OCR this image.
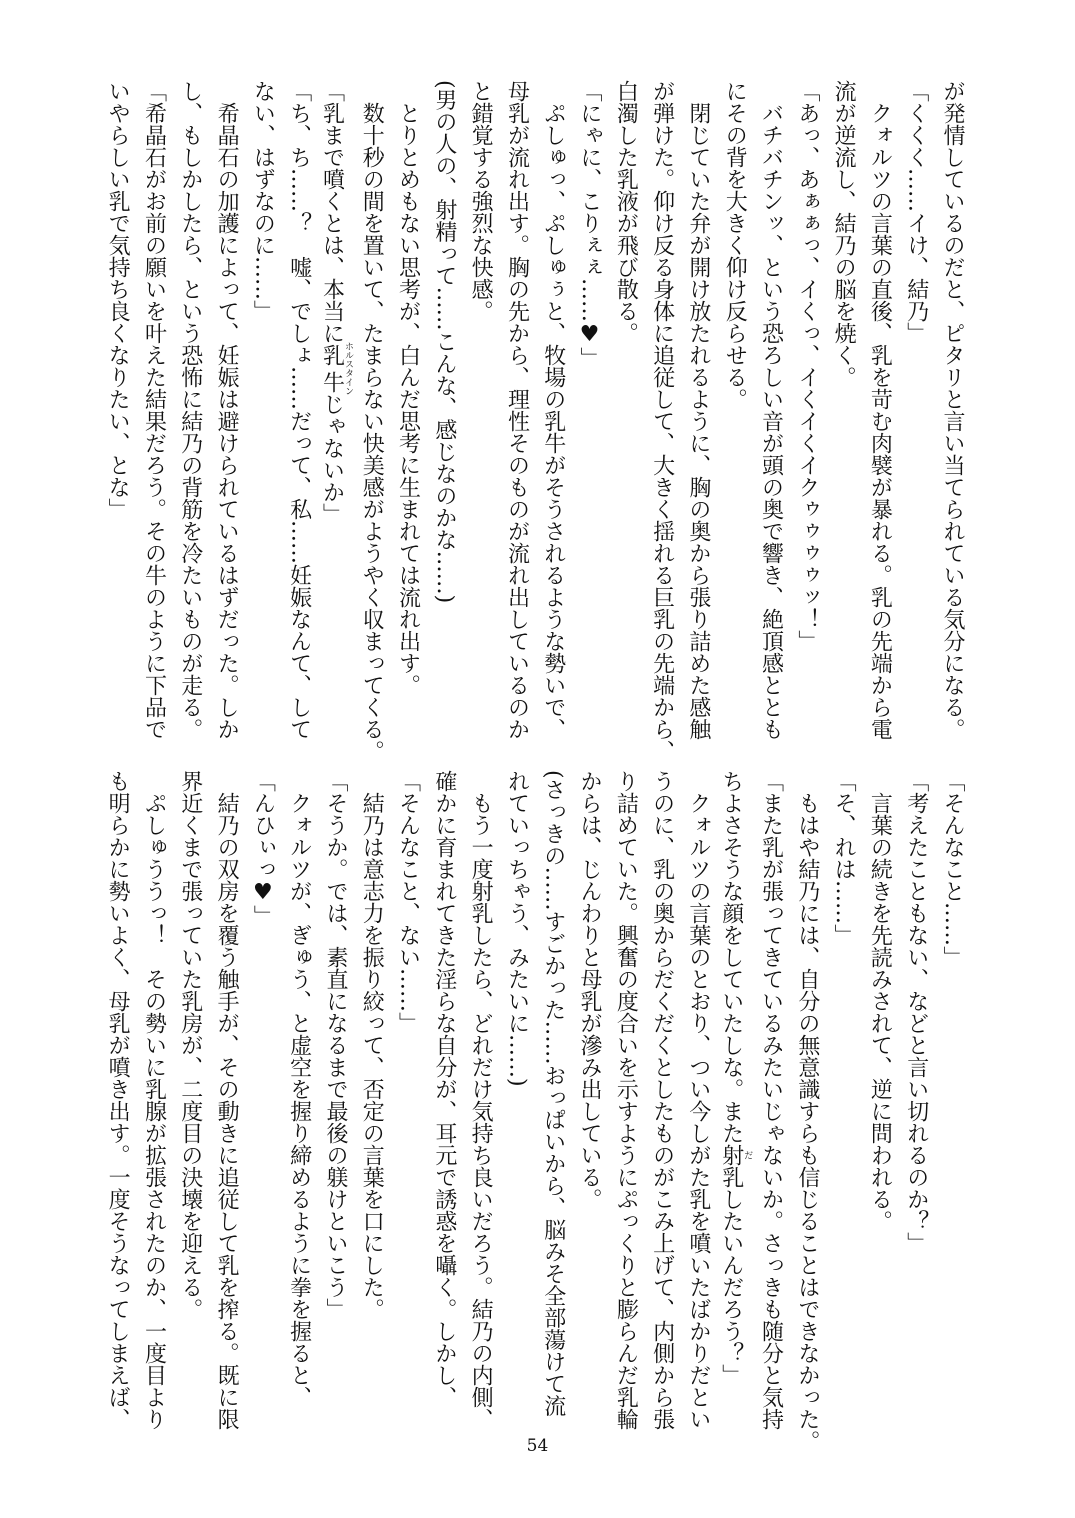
が発情しているのだと、ピタリと言い当てられている気分になる。
「くくく……イけ、結乃」
　クォルツの言葉の直後、乳を苛む肉襞が暴れる。乳の先端から電
流が逆流し、結乃の脳を焼く。
「あっ、あぁぁっ、イくっ、イくイくイクゥゥゥゥッ！」
　バチバチンッ、という恐ろしい音が頭の奥で響き、絶頂感ととも
にその背を大きく仰け反らせる。
　閉じていた弁が開け放たれるように、胸の奥から張り詰めた感触
が弾けた。仰け反る身体に追従して、大きく揺れる巨乳の先端から、
白濁した乳液が飛び散る。
「にゃに、こりぇぇ……♥」
　ぷしゅっ、ぷしゅぅと、牧場の乳牛がそうされるような勢いで、
母乳が流れ出す。胸の先から、理性そのものが流れ出しているのか
と錯覚する強烈な快感。
(男の人の、射精って……こんな、感じなのかな……)
　とりとめもない思考が、白んだ思考に生まれては流れ出す。
　数十秒の間を置いて、たまらない快美感がようやく収まってくる。
「乳まで噴くとは、本当に乳牛ホルスタインじゃないか」
「ち、ち……？　嘘、でしょ……だって、私……妊娠なんて、して
ない、はずなのに……」
　希晶石の加護によって、妊娠は避けられているはずだった。しか
し、もしかしたら、という恐怖に結乃の背筋を冷たいものが走る。
「希晶石がお前の願いを叶えた結果だろう。その牛のように下品で
いやらしい乳で気持ち良くなりたい、とな」
「そんなこと……」
「考えたこともない、などと言い切れるのか？」
　言葉の続きを先読みされて、逆に問われる。
「そ、れは……」
　もはや結乃には、自分の無意識すらも信じることはできなかった。
「また乳が張ってきているみたいじゃないか。さっきも随分と気持
ちよさそうな顔をしていたしな。また射だ乳したいんだろう？」
　クォルツの言葉のとおり、つい今しがた乳を噴いたばかりだとい
うのに、乳の奥からだくだくとしたものがこみ上げて、内側から張
り詰めていた。興奮の度合いを示すようにぷっくりと膨らんだ乳輪
からは、じんわりと母乳が滲み出している。
(さっきの……すごかった……おっぱいから、脳みそ全部蕩けて流
れていっちゃう、みたいに……)
　もう一度射乳したら、どれだけ気持ち良いだろう。結乃の内側、
確かに育まれてきた淫らな自分が、耳元で誘惑を囁く。しかし、
「そんなこと、ない……」
　結乃は意志力を振り絞って、否定の言葉を口にした。
「そうか。では、素直になるまで最後の躾けといこう」
　クォルツが、ぎゅう、と虚空を握り締めるように拳を握ると、
「んひぃっ♥」
　結乃の双房を覆う触手が、その動きに追従して乳を搾る。既に限
界近くまで張っていた乳房が、二度目の決壊を迎える。
　ぷしゅううっ！　その勢いに乳腺が拡張されたのか、一度目より
も明らかに勢いよく、母乳が噴き出す。一度そうなってしまえば、
54
